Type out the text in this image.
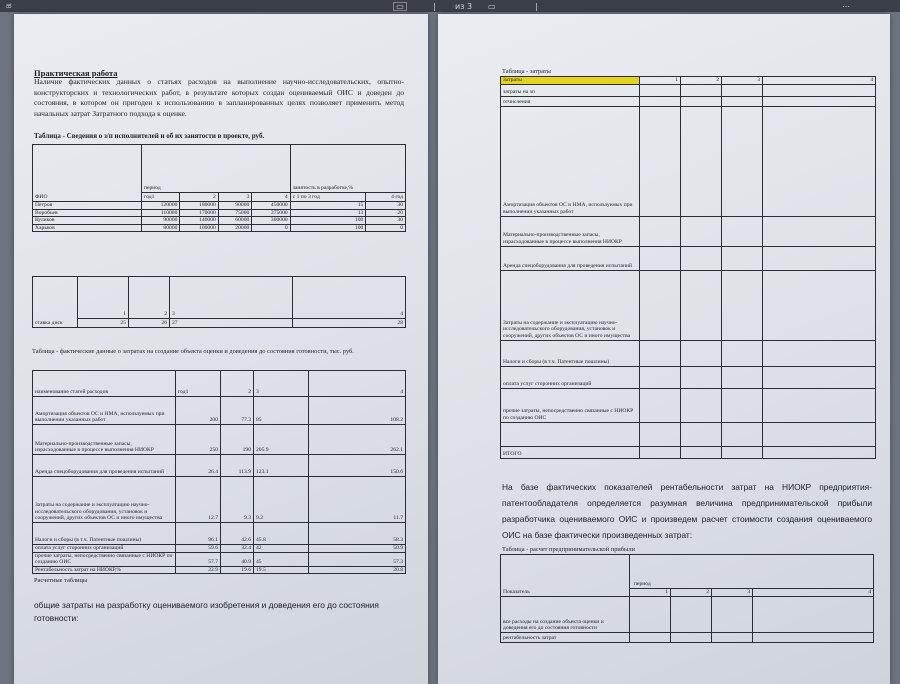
ಹ	▭	| из 3 ▭	|	⋯
Практическая работа
Наличие фактических данных о статьях расходов на выполнение научно-исследовательских, опытно-конструкторских и технологических работ, в результате которых создан оцениваемый ОИС и доведен до состояния, в котором он пригоден к использованию в запланированных целях позволяет применить метод начальных затрат Затратного подхода к оценке.
Таблица - Сведения о з/п исполнителей и об их занятости в проекте, руб.
ФИО	период				занятость в разработке,%	
	год1	2	3	4	с 1 по 3 год	4 год
Петров	120000	180000	90000	450000	15	30
Воробьев	110000	170000	75000	375000	13	20
Куликов	90000	140000	60000	300000	100	30
Харьков	80000	100000	20000	0	100	0
ставка диск	1	2	3	4
	25	26	27	28
Таблица - фактические данные о затратах на создание объекта оценки и доведения до состояния готовности, тыс. руб.
наименование статей расходов	год1	2	3	4
Амортизация объектов ОС и НМА, используемых при выполнении указанных работ	200	77.3	85	108.2
Материально-производственные запасы, израсходованные в процессе выполнения НИОКР	250	190	205.9	262.1
Аренда спецоборудования для проведения испытаний	26.4	113.9	123.1	150.6
Затраты на содержание и эксплуатацию научно-исследовательского оборудования, установок и сооружений, других объектов ОС и иного имущества	12.7	9.3	9.2	11.7
Налоги и сборы (в т.ч. Патентные пошлины)	96.1	42.6	45.8	58.3
оплата услуг сторонних организаций	59.6	32.4	42	50.9
прочие затраты, непосредственно связанные с НИОКР по созданию ОИС	57.7	40.9	45	57.3
Рентабельность затрат на НИОКР,%	22.9	19.6	19.5	20.8
Расчетные таблицы
общие затраты на разработку оцениваемого изобретения и доведения его до состояния готовности:
Таблица - затраты
Затраты	1	2	3	4
затраты на зп				
отчисления				
Амортизация объектов ОС и НМА, используемых при выполнении указанных работ				
Материально-производственные запасы, израсходованные в процессе выполнения НИОКР				
Аренда спецоборудования для проведения испытаний				
Затраты на содержание и эксплуатацию научно-исследовательского оборудования, установок и сооружений, других объектов ОС и иного имущества				
Налоги и сборы (в т.ч. Патентные пошлины)				
оплата услуг сторонних организаций				
прочие затраты, непосредственно связанные с НИОКР по созданию ОИС				

ИТОГО				
На базе фактических показателей рентабельности затрат на НИОКР предприятия-патентообладателя определяется разумная величина предпринимательской прибыли разработчика оцениваемого ОИС и произведем расчет стоимости создания оцениваемого ОИС на базе фактически произведенных затрат:
Таблица - расчет предпринимательской прибыли
Показатель	период			
	1	2	3	4
все расходы на создание объекта оценки и доведения его до состояния готовности				
рентабельность затрат				
